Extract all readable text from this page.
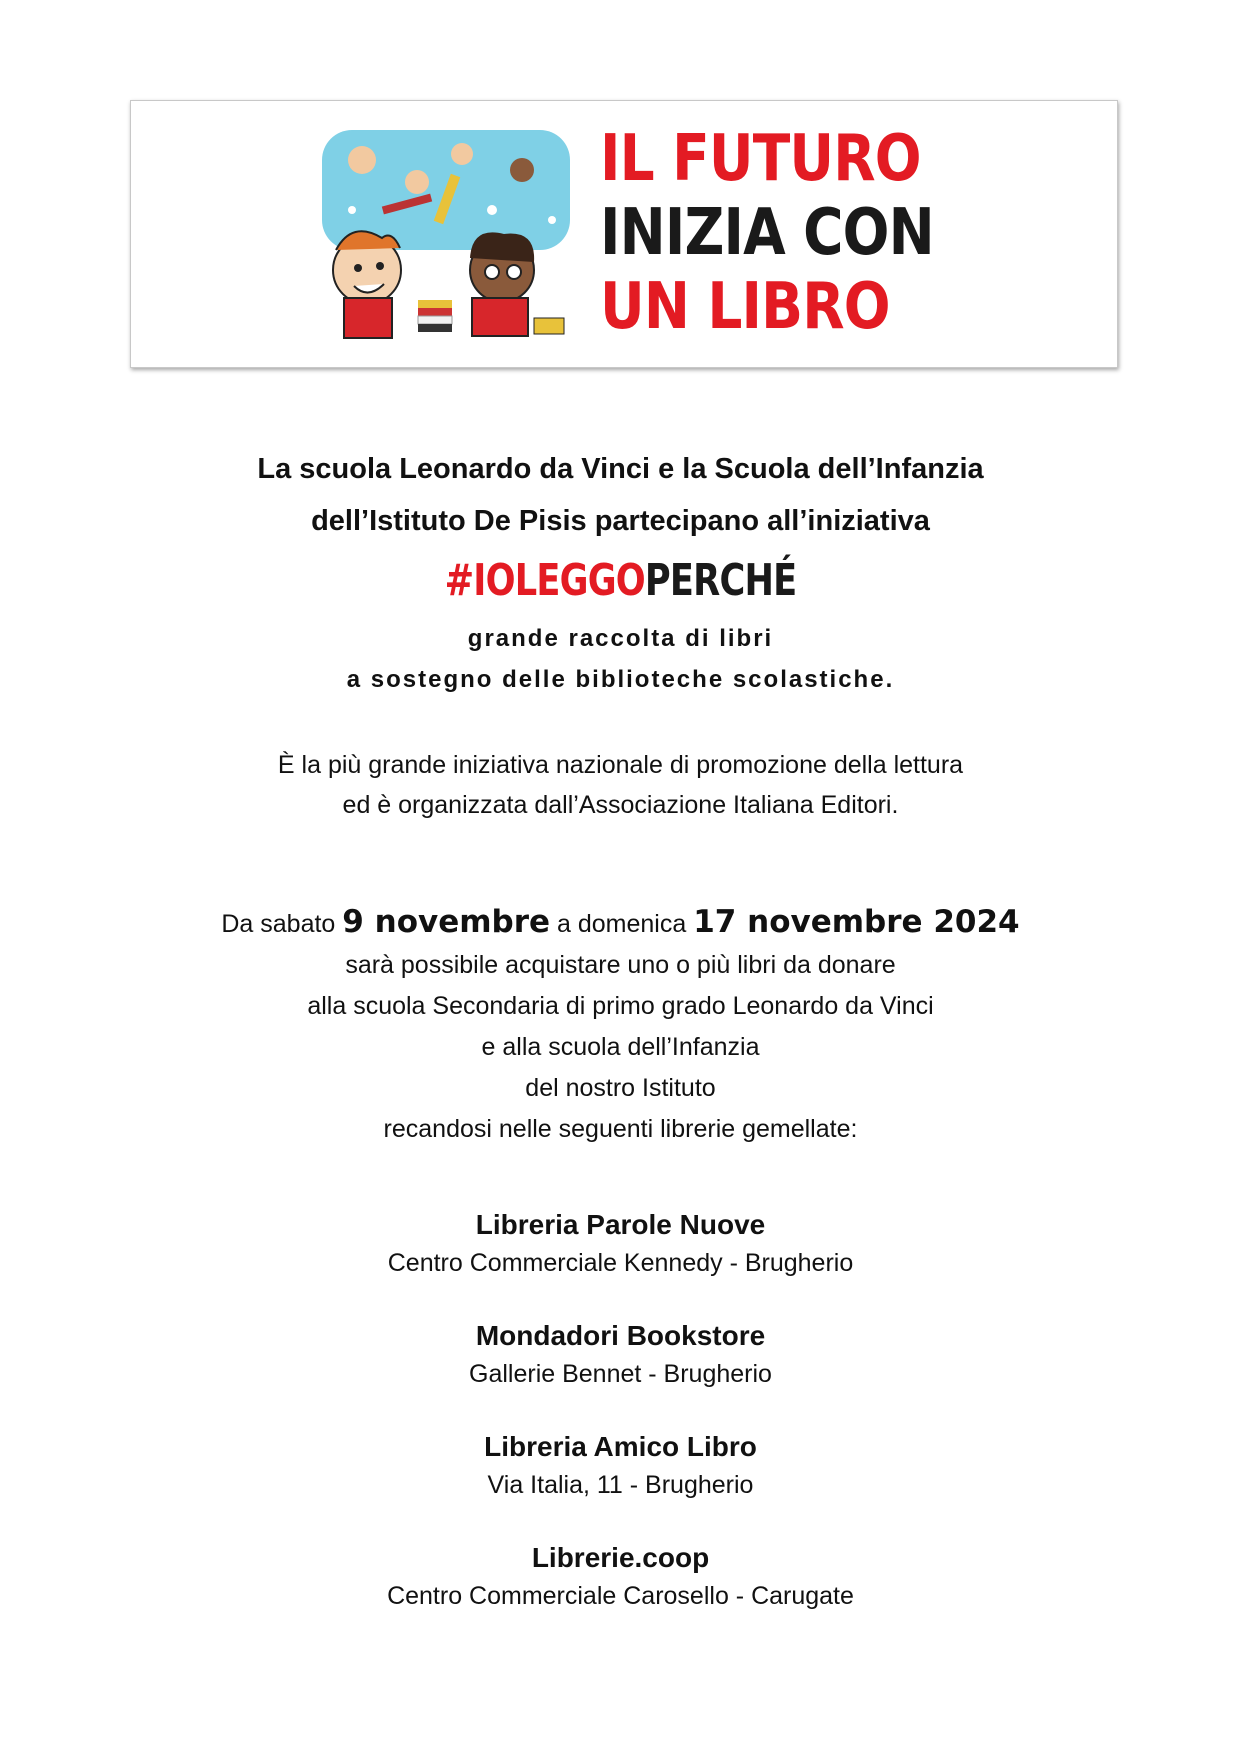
IL FUTURO
INIZIA CON
UN LIBRO
La scuola Leonardo da Vinci e la Scuola dell’Infanzia
dell’Istituto De Pisis partecipano all’iniziativa
#IOLEGGOPERCHÉ
grande raccolta di libri
a sostegno delle biblioteche scolastiche.
È la più grande iniziativa nazionale di promozione della lettura
ed è organizzata dall’Associazione Italiana Editori.
Da sabato 9 novembre a domenica 17 novembre 2024
sarà possibile acquistare uno o più libri da donare
alla scuola Secondaria di primo grado Leonardo da Vinci
e alla scuola dell’Infanzia
del nostro Istituto
recandosi nelle seguenti librerie gemellate:
Libreria Parole Nuove
Centro Commerciale Kennedy - Brugherio
Mondadori Bookstore
Gallerie Bennet - Brugherio
Libreria Amico Libro
Via Italia, 11 - Brugherio
Librerie.coop
Centro Commerciale Carosello - Carugate
